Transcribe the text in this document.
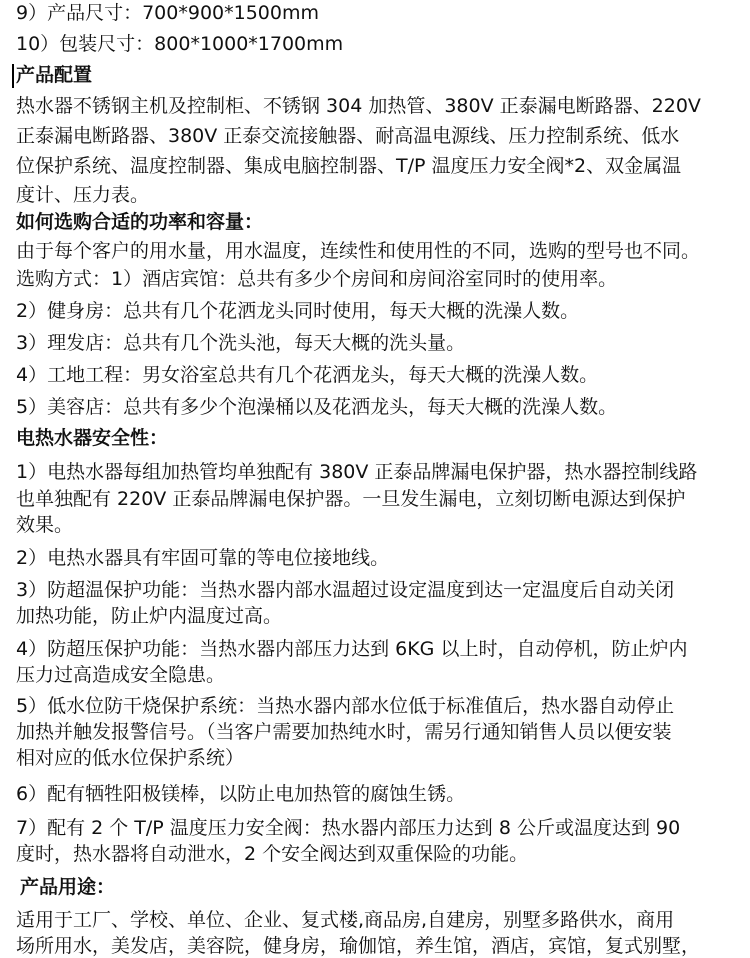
9）产品尺寸：700*900*1500mm
10）包装尺寸：800*1000*1700mm
产品配置
热水器不锈钢主机及控制柜、不锈钢 304 加热管、380V 正泰漏电断路器、220V
正泰漏电断路器、380V 正泰交流接触器、耐高温电源线、压力控制系统、低水
位保护系统、温度控制器、集成电脑控制器、T/P 温度压力安全阀*2、双金属温
度计、压力表。
如何选购合适的功率和容量：
由于每个客户的用水量，用水温度，连续性和使用性的不同，选购的型号也不同。
选购方式：1）酒店宾馆：总共有多少个房间和房间浴室同时的使用率。
2）健身房：总共有几个花洒龙头同时使用，每天大概的洗澡人数。
3）理发店：总共有几个洗头池，每天大概的洗头量。
4）工地工程：男女浴室总共有几个花洒龙头，每天大概的洗澡人数。
5）美容店：总共有多少个泡澡桶以及花洒龙头，每天大概的洗澡人数。
电热水器安全性：
1）电热水器每组加热管均单独配有 380V 正泰品牌漏电保护器，热水器控制线路
也单独配有 220V 正泰品牌漏电保护器。一旦发生漏电，立刻切断电源达到保护
效果。
2）电热水器具有牢固可靠的等电位接地线。
3）防超温保护功能：当热水器内部水温超过设定温度到达一定温度后自动关闭
加热功能，防止炉内温度过高。
4）防超压保护功能：当热水器内部压力达到 6KG 以上时，自动停机，防止炉内
压力过高造成安全隐患。
5）低水位防干烧保护系统：当热水器内部水位低于标准值后，热水器自动停止
加热并触发报警信号。（当客户需要加热纯水时，需另行通知销售人员以便安装
相对应的低水位保护系统）
6）配有牺牲阳极镁棒，以防止电加热管的腐蚀生锈。
7）配有 2 个 T/P 温度压力安全阀：热水器内部压力达到 8 公斤或温度达到 90
度时，热水器将自动泄水，2 个安全阀达到双重保险的功能。
产品用途：
适用于工厂、学校、单位、企业、复式楼,商品房,自建房，别墅多路供水，商用
场所用水，美发店，美容院，健身房，瑜伽馆，养生馆，酒店，宾馆，复式别墅，
